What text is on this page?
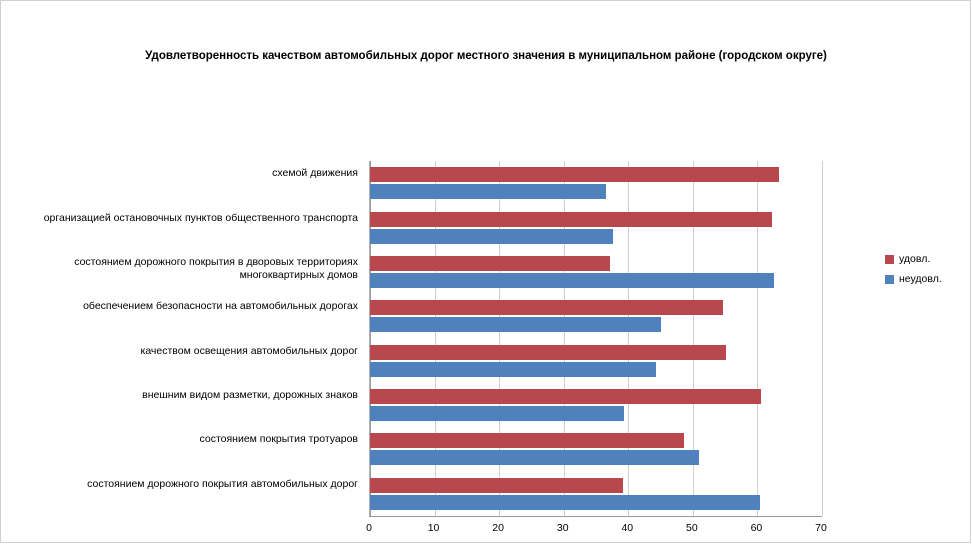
Удовлетворенность качеством автомобильных дорог местного значения в муниципальном районе (городском округе)
схемой движения
организацией остановочных пунктов общественного транспорта
состоянием дорожного покрытия в дворовых территориях многоквартирных домов
обеспечением безопасности на автомобильных дорогах
качеством освещения автомобильных дорог
внешним видом разметки, дорожных знаков
состоянием покрытия тротуаров
состоянием дорожного покрытия автомобильных дорог
0	10	20	30	40	50	60	70
удовл.
неудовл.
